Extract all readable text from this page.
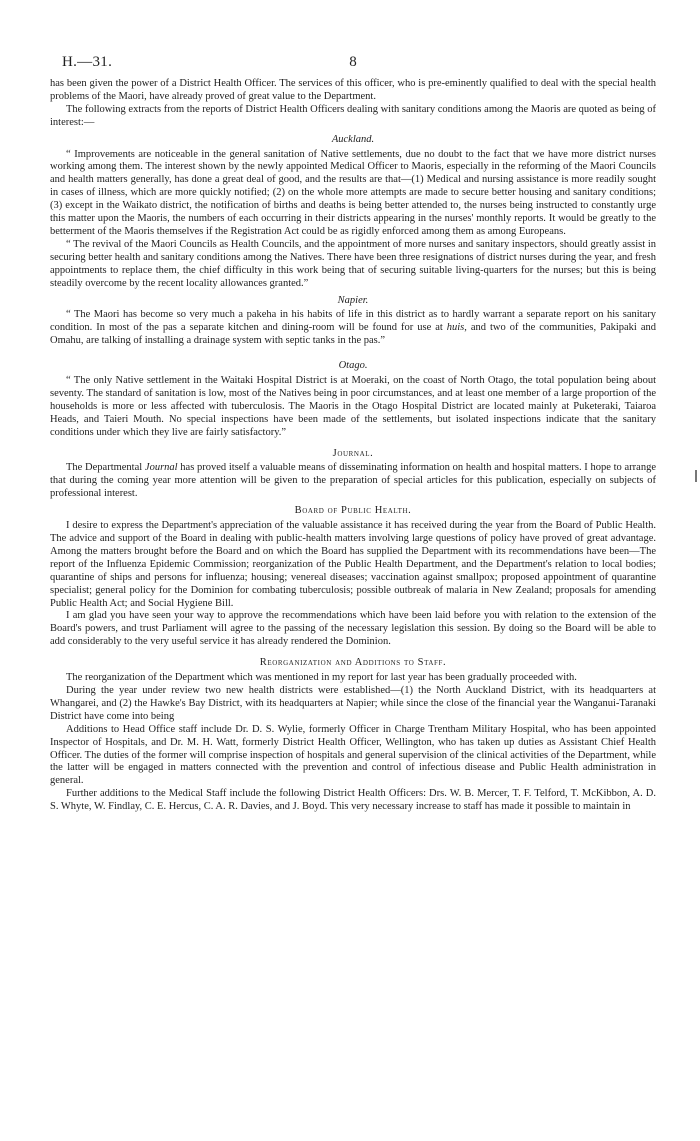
H.—31.	8

has been given the power of a District Health Officer. The services of this officer, who is pre-eminently qualified to deal with the special health problems of the Maori, have already proved of great value to the Department.

The following extracts from the reports of District Health Officers dealing with sanitary conditions among the Maoris are quoted as being of interest:—

Auckland.

“ Improvements are noticeable in the general sanitation of Native settlements, due no doubt to the fact that we have more district nurses working among them. The interest shown by the newly appointed Medical Officer to Maoris, especially in the reforming of the Maori Councils and health matters generally, has done a great deal of good, and the results are that—(1) Medical and nursing assistance is more readily sought in cases of illness, which are more quickly notified; (2) on the whole more attempts are made to secure better housing and sanitary conditions; (3) except in the Waikato district, the notification of births and deaths is being better attended to, the nurses being instructed to constantly urge this matter upon the Maoris, the numbers of each occurring in their districts appearing in the nurses' monthly reports. It would be greatly to the betterment of the Maoris themselves if the Registration Act could be as rigidly enforced among them as among Europeans.

“ The revival of the Maori Councils as Health Councils, and the appointment of more nurses and sanitary inspectors, should greatly assist in securing better health and sanitary conditions among the Natives. There have been three resignations of district nurses during the year, and fresh appointments to replace them, the chief difficulty in this work being that of securing suitable living-quarters for the nurses; but this is being steadily overcome by the recent locality allowances granted.”

Napier.

“ The Maori has become so very much a pakeha in his habits of life in this district as to hardly warrant a separate report on his sanitary condition. In most of the pas a separate kitchen and dining-room will be found for use at huis, and two of the communities, Pakipaki and Omahu, are talking of installing a drainage system with septic tanks in the pas.”

Otago.

“ The only Native settlement in the Waitaki Hospital District is at Moeraki, on the coast of North Otago, the total population being about seventy. The standard of sanitation is low, most of the Natives being in poor circumstances, and at least one member of a large proportion of the households is more or less affected with tuberculosis. The Maoris in the Otago Hospital District are located mainly at Puketeraki, Taiaroa Heads, and Taieri Mouth. No special inspections have been made of the settlements, but isolated inspections indicate that the sanitary conditions under which they live are fairly satisfactory.”

Journal.

The Departmental Journal has proved itself a valuable means of disseminating information on health and hospital matters. I hope to arrange that during the coming year more attention will be given to the preparation of special articles for this publication, especially on subjects of professional interest.

Board of Public Health.

I desire to express the Department's appreciation of the valuable assistance it has received during the year from the Board of Public Health. The advice and support of the Board in dealing with public-health matters involving large questions of policy have proved of great advantage. Among the matters brought before the Board and on which the Board has supplied the Department with its recommendations have been—The report of the Influenza Epidemic Commission; reorganization of the Public Health Department, and the Department's relation to local bodies; quarantine of ships and persons for influenza; housing; venereal diseases; vaccination against smallpox; proposed appointment of quarantine specialist; general policy for the Dominion for combating tuberculosis; possible outbreak of malaria in New Zealand; proposals for amending Public Health Act; and Social Hygiene Bill.

I am glad you have seen your way to approve the recommendations which have been laid before you with relation to the extension of the Board's powers, and trust Parliament will agree to the passing of the necessary legislation this session. By doing so the Board will be able to add considerably to the very useful service it has already rendered the Dominion.

Reorganization and Additions to Staff.

The reorganization of the Department which was mentioned in my report for last year has been gradually proceeded with.

During the year under review two new health districts were established—(1) the North Auckland District, with its headquarters at Whangarei, and (2) the Hawke's Bay District, with its headquarters at Napier; while since the close of the financial year the Wanganui-Taranaki District have come into being

Additions to Head Office staff include Dr. D. S. Wylie, formerly Officer in Charge Trentham Military Hospital, who has been appointed Inspector of Hospitals, and Dr. M. H. Watt, formerly District Health Officer, Wellington, who has taken up duties as Assistant Chief Health Officer. The duties of the former will comprise inspection of hospitals and general supervision of the clinical activities of the Department, while the latter will be engaged in matters connected with the prevention and control of infectious disease and Public Health administration in general.

Further additions to the Medical Staff include the following District Health Officers: Drs. W. B. Mercer, T. F. Telford, T. McKibbon, A. D. S. Whyte, W. Findlay, C. E. Hercus, C. A. R. Davies, and J. Boyd. This very necessary increase to staff has made it possible to maintain in
